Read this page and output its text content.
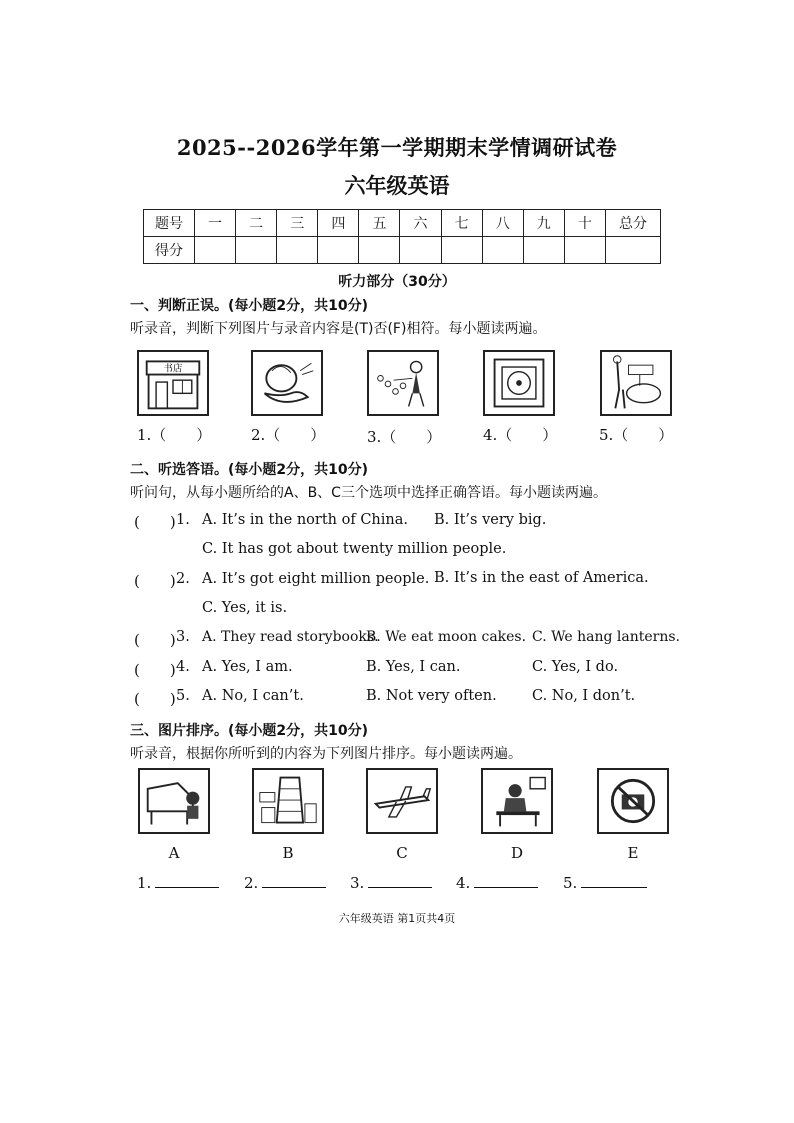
2025--2026学年第一学期期末学情调研试卷
六年级英语
题号	一	二	三	四	五	六	七	八	九	十	总分
得分											
听力部分（30分）
一、判断正误。(每小题2分，共10分)
听录音，判断下列图片与录音内容是(T)否(F)相符。每小题读两遍。
书店
1.（　　）	2.（　　）	3.（　　）	4.（　　）	5.（　　）
二、听选答语。(每小题2分，共10分)
听问句，从每小题所给的A、B、C三个选项中选择正确答语。每小题读两遍。
(　　) 1. A. It’s in the north of China. B. It’s very big.
C. It has got about twenty million people.
(　　) 2. A. It’s got eight million people. B. It’s in the east of America.
C. Yes, it is.
(　　) 3. A. They read storybooks.
B. We eat moon cakes. C. We hang lanterns.
(　　) 4. A. Yes, I am.	B. Yes, I can.	C. Yes, I do.
(　　) 5. A. No, I can’t.	B. Not very often. C. No, I don’t.
三、图片排序。(每小题2分，共10分)
听录音，根据你所听到的内容为下列图片排序。每小题读两遍。
A	B	C	D	E
1.	2.	3.	4.	5.
六年级英语 第1页共4页
